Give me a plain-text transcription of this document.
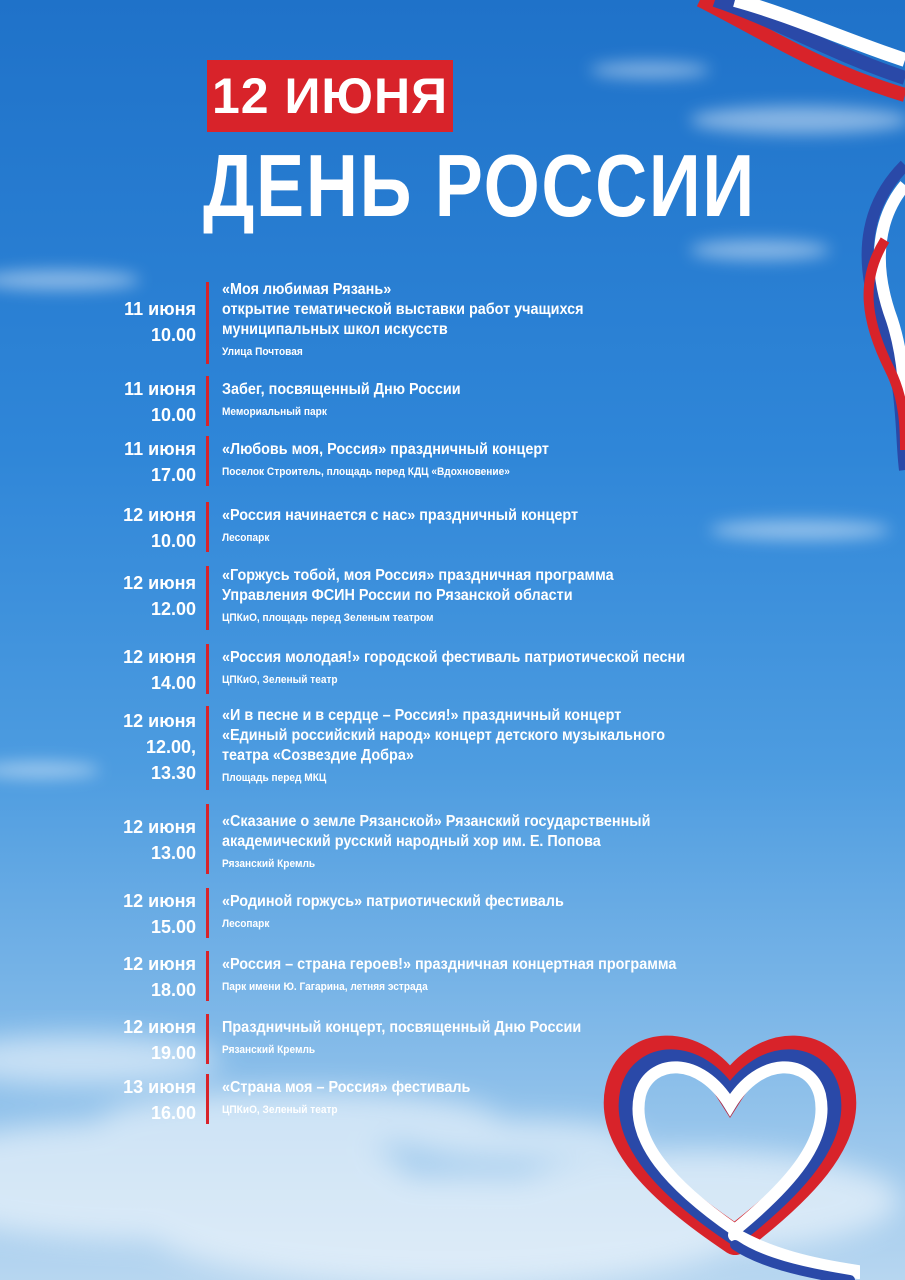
12 ИЮНЯ
ДЕНЬ РОССИИ
11 июня
10.00
«Моя любимая Рязань»
открытие тематической выставки работ учащихся
муниципальных школ искусств
Улица Почтовая
11 июня
10.00
Забег, посвященный Дню России
Мемориальный парк
11 июня
17.00
«Любовь моя, Россия» праздничный концерт
Поселок Строитель, площадь перед КДЦ «Вдохновение»
12 июня
10.00
«Россия начинается с нас» праздничный концерт
Лесопарк
12 июня
12.00
«Горжусь тобой, моя Россия» праздничная программа
Управления ФСИН России по Рязанской области
ЦПКиО, площадь перед Зеленым театром
12 июня
14.00
«Россия молодая!» городской фестиваль патриотической песни
ЦПКиО, Зеленый театр
12 июня
12.00,
13.30
«И в песне и в сердце – Россия!» праздничный концерт
«Единый российский народ» концерт детского музыкального
театра «Созвездие Добра»
Площадь перед МКЦ
12 июня
13.00
«Сказание о земле Рязанской» Рязанский государственный
академический русский народный хор им. Е. Попова
Рязанский Кремль
12 июня
15.00
«Родиной горжусь» патриотический фестиваль
Лесопарк
12 июня
18.00
«Россия – страна героев!» праздничная концертная программа
Парк имени Ю. Гагарина, летняя эстрада
12 июня
19.00
Праздничный концерт, посвященный Дню России
Рязанский Кремль
13 июня
16.00
«Страна моя – Россия» фестиваль
ЦПКиО, Зеленый театр
